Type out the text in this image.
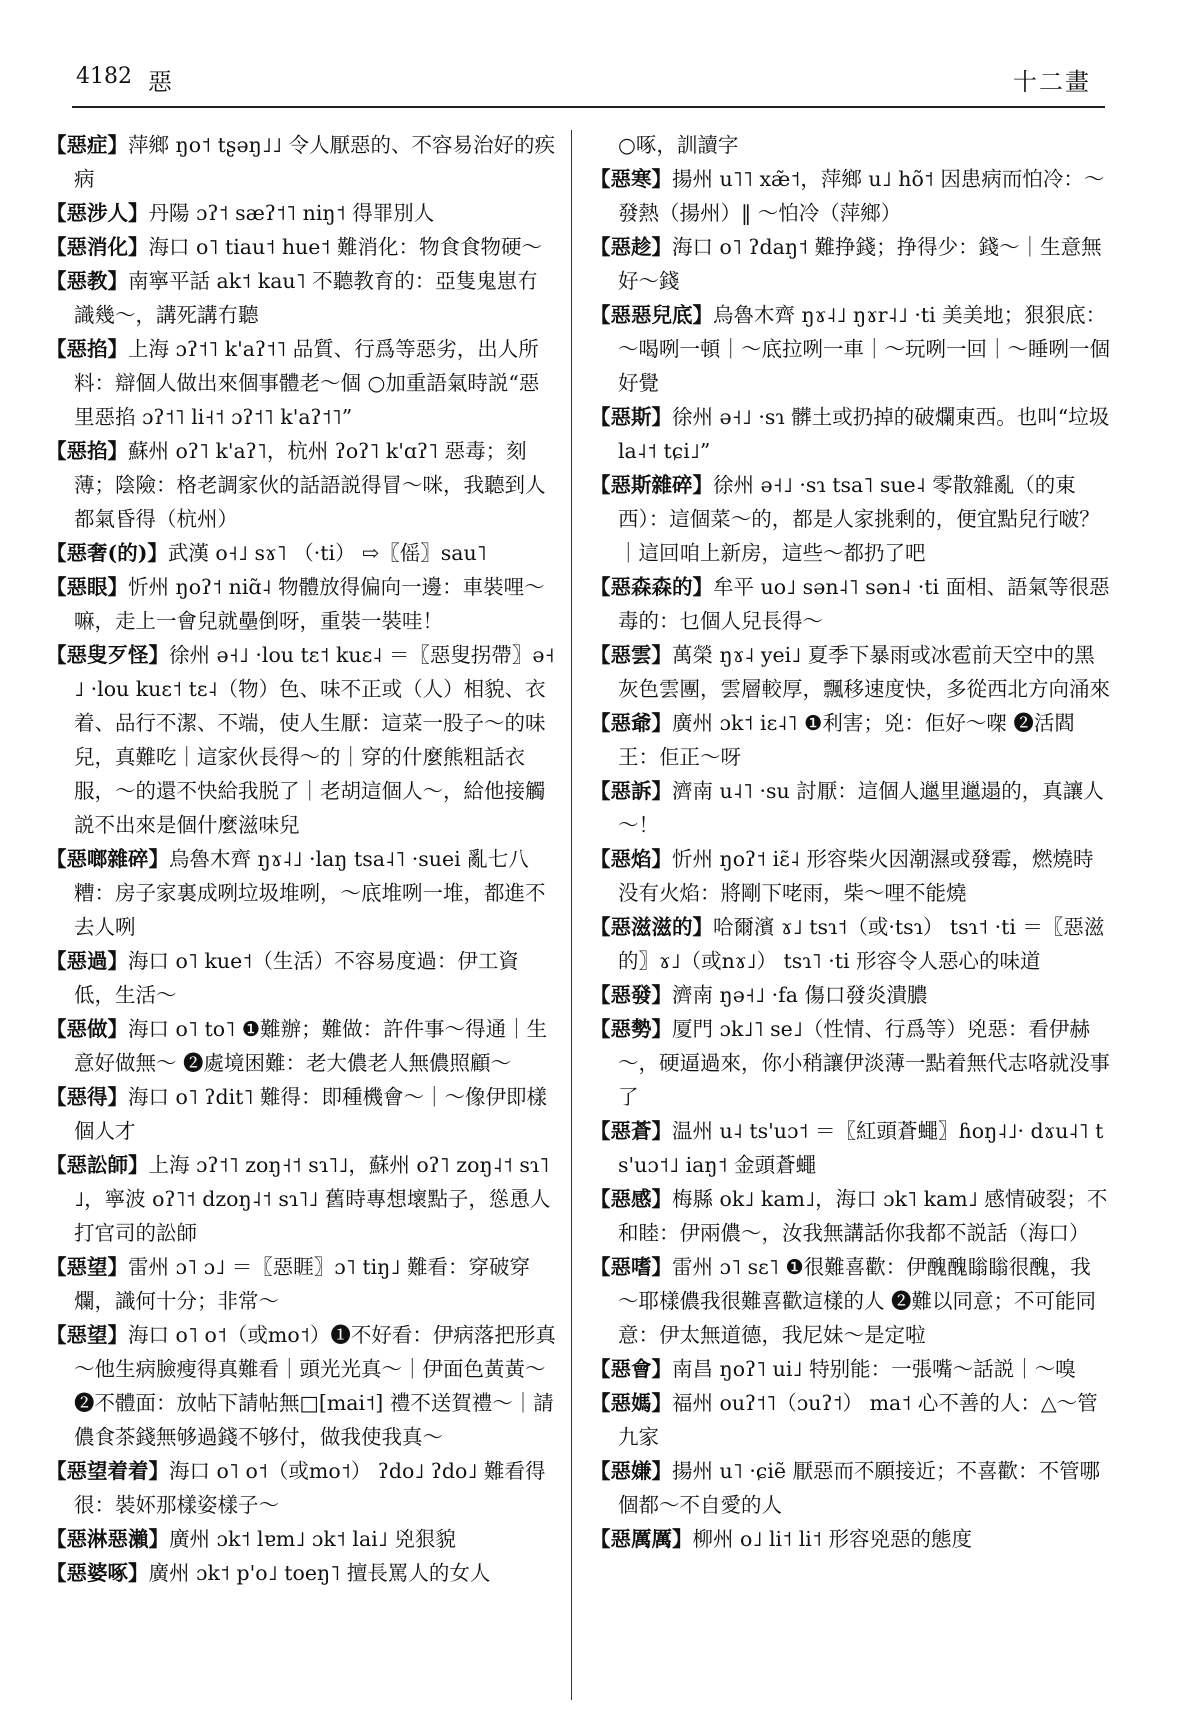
4182 惡	十二畫
【惡症】萍鄉 ŋo˦ tʂəŋ˩˩ 令人厭惡的、不容易治好的疾病
【惡涉人】丹陽 ɔʔ˦ sæʔ˦˥ niŋ˦ 得罪別人
【惡消化】海口 o˥ tiau˦ hue˦ 難消化：物食食物硬～
【惡教】南寧平話 ak˦ kau˥ 不聽教育的：亞隻鬼崽冇識幾～，講死講冇聽
【惡掐】上海 ɔʔ˦˥ k'aʔ˦˥ 品質、行爲等惡劣，出人所料：辯個人做出來個事體老～個 ○加重語氣時説“惡里惡掐 ɔʔ˦˥ li˧˦ ɔʔ˦˥ k'aʔ˦˥”
【惡掐】蘇州 oʔ˥ k'aʔ˥，杭州 ʔoʔ˥ k'ɑʔ˥ 惡毒；刻薄；陰險：格老調家伙的話語説得冒～咪，我聽到人都氣昏得（杭州）
【惡奢(的)】武漢 o˧˩ sɤ˥ （·ti） ⇨〖傜〗sau˥
【惡眼】忻州 ŋoʔ˦ niɑ̃˨ 物體放得偏向一邊：車裝哩～嘛，走上一會兒就壘倒呀，重裝一裝哇！
【惡叟歹怪】徐州 ə˧˩ ·lou tɛ˦ kuɛ˨ ＝〖惡叟拐帶〗ə˧˩ ·lou kuɛ˦ tɛ˨（物）色、味不正或（人）相貌、衣着、品行不潔、不端，使人生厭：這菜一股子～的味兒，真難吃｜這家伙長得～的｜穿的什麼熊粗話衣服，～的還不快給我脱了｜老胡這個人～，給他接觸説不出來是個什麼滋味兒
【惡啷雜碎】烏魯木齊 ŋɤ˨˩ ·laŋ tsa˨˥ ·suei 亂七八糟：房子家裏成咧垃圾堆咧，～底堆咧一堆，都進不去人咧
【惡過】海口 o˥ kue˦（生活）不容易度過：伊工資低，生活～
【惡做】海口 o˥ to˥ ❶難辦；難做：許件事～得通｜生意好做無～ ❷處境困難：老大儂老人無儂照顧～
【惡得】海口 o˥ ʔdit˥ 難得：即種機會～｜～像伊即樣個人才
【惡訟師】上海 ɔʔ˦˥ zoŋ˧˦ sɿ˥˩，蘇州 oʔ˥ zoŋ˨˦ sɿ˥˩，寧波 oʔ˥˦ dzoŋ˨˦ sɿ˥˩ 舊時專想壞點子，慫恿人打官司的訟師
【惡望】雷州 ɔ˥ ɔ˩ ＝〖惡睚〗ɔ˥ tiŋ˩ 難看：穿破穿爛，識何十分；非常～
【惡望】海口 o˥ o˦（或mo˦）❶不好看：伊病落把形真～他生病臉瘦得真難看｜頭光光真～｜伊面色黃黃～ ❷不體面：放帖下請帖無□[mai˦] 禮不送賀禮～｜請儂食茶錢無够過錢不够付，做我使我真～
【惡望着着】海口 o˥ o˦（或mo˦） ʔdo˩ ʔdo˩ 難看得很：裝妚那樣姿樣子～
【惡淋惡瀨】廣州 ɔk˦ lɐm˩ ɔk˦ lai˩ 兇狠貌
【惡婆啄】廣州 ɔk˦ p'o˩ toeŋ˥ 擅長罵人的女人
○啄，訓讀字
【惡寒】揚州 u˥˥ xæ̃˦，萍鄉 u˩ hõ˦ 因患病而怕冷：～發熱（揚州）‖ ～怕冷（萍鄉）
【惡趁】海口 o˥ ʔdaŋ˦ 難挣錢；挣得少：錢～｜生意無好～錢
【惡惡兒底】烏魯木齊 ŋɤ˨˩ ŋɤr˨˩ ·ti 美美地；狠狠底：～喝咧一頓｜～底拉咧一車｜～玩咧一回｜～睡咧一個好覺
【惡斯】徐州 ə˧˩ ·sɿ 髒土或扔掉的破爛東西。也叫“垃圾 la˨˦ tɕi˩”
【惡斯雜碎】徐州 ə˧˩ ·sɿ tsa˥ sue˨ 零散雜亂（的東西）：這個菜～的，都是人家挑剩的，便宜點兒行啵？｜這回咱上新房，這些～都扔了吧
【惡森森的】牟平 uo˩ sən˨˥ sən˨ ·ti 面相、語氣等很惡毒的：乜個人兒長得～
【惡雲】萬榮 ŋɤ˨ yei˩ 夏季下暴雨或冰雹前天空中的黑灰色雲團，雲層較厚，飄移速度快，多從西北方向涌來
【惡爺】廣州 ɔk˦ iɛ˨˥ ❶利害；兇：佢好～㗎 ❷活閻王：佢正～呀
【惡訴】濟南 u˨˥ ·su 討厭：這個人邋里邋遢的，真讓人～！
【惡焰】忻州 ŋoʔ˦ iɛ̃˨ 形容柴火因潮濕或發霉，燃燒時没有火焰：將剛下咾雨，柴～哩不能燒
【惡滋滋的】哈爾濱 ɤ˩ tsɿ˦（或·tsɿ） tsɿ˦ ·ti ＝〖惡滋的〗ɤ˩（或nɤ˩） tsɿ˥ ·ti 形容令人惡心的味道
【惡發】濟南 ŋə˧˩ ·fa 傷口發炎潰膿
【惡勢】厦門 ɔk˩˥ se˩（性情、行爲等）兇惡：看伊赫～，硬逼過來，你小稍讓伊淡薄一點着無代志咯就没事了
【惡蒼】温州 u˨ ts'uɔ˦ ＝〖紅頭蒼蠅〗ɦoŋ˨˩· dɤu˨˥ ts'uɔ˦˩ iaŋ˦ 金頭蒼蠅
【惡感】梅縣 ok˩ kam˩，海口 ɔk˥ kam˩ 感情破裂；不和睦：伊兩儂～，汝我無講話你我都不説話（海口）
【惡嗜】雷州 ɔ˥ sɛ˥ ❶很難喜歡：伊醜醜瞈瞈很醜，我～耶樣儂我很難喜歡這樣的人 ❷難以同意；不可能同意：伊太無道德，我尼妹～是定啦
【惡會】南昌 ŋoʔ˥ ui˩ 特别能：一張嘴～話説｜～嗅
【惡媽】福州 ouʔ˦˥（ɔuʔ˦） ma˦ 心不善的人：△～管九家
【惡嫌】揚州 u˥ ·ɕiẽ 厭惡而不願接近；不喜歡：不管哪個都～不自愛的人
【惡厲厲】柳州 o˩ li˦ li˦ 形容兇惡的態度
